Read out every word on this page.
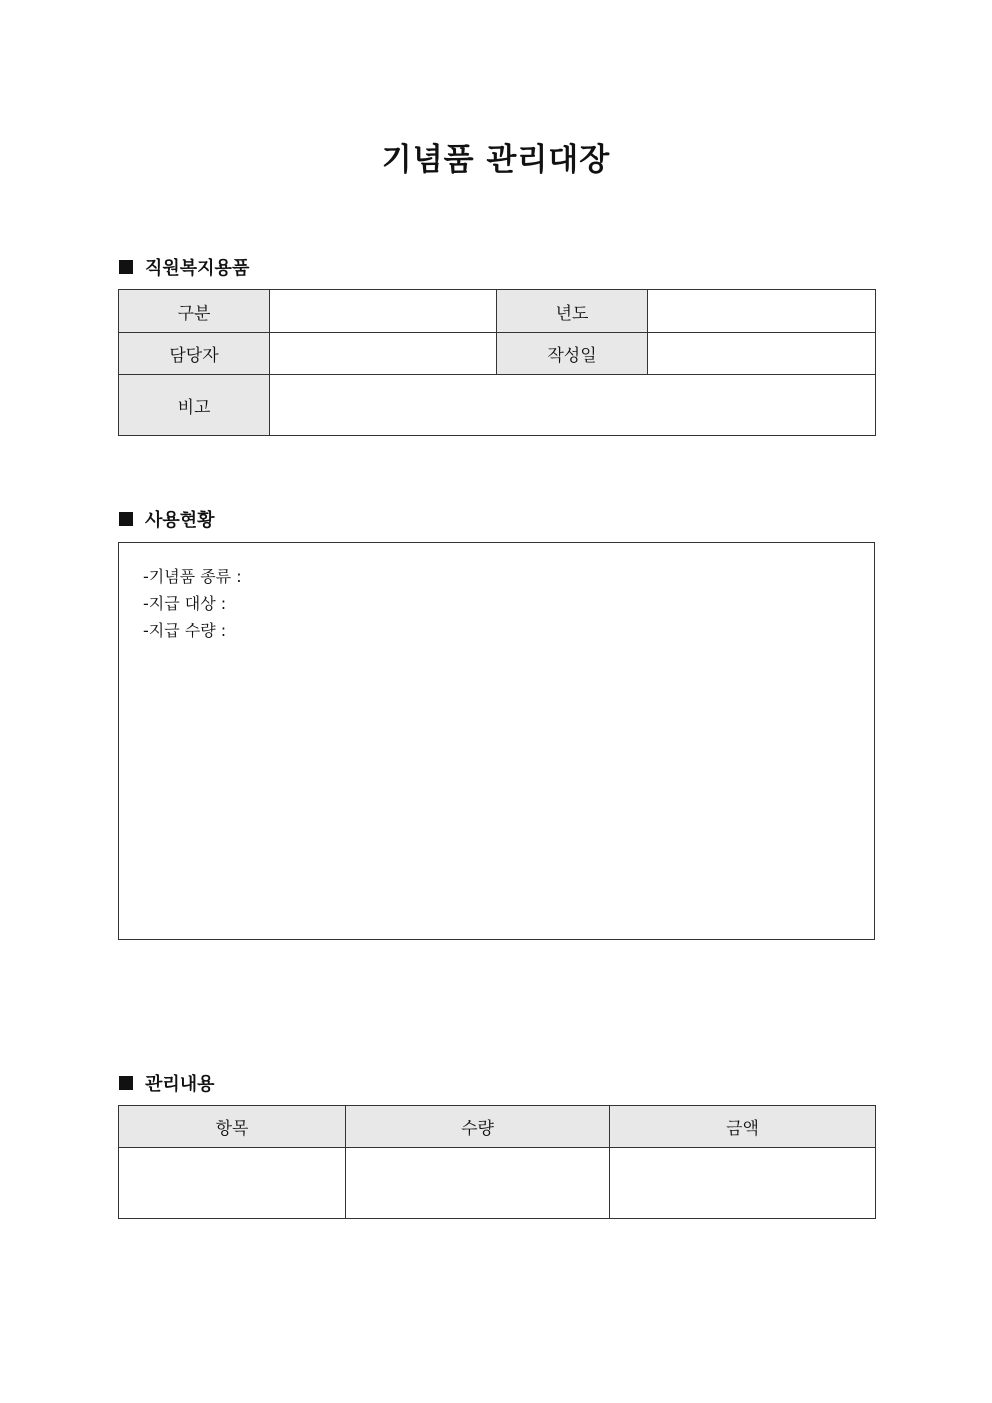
기념품 관리대장
직원복지용품
구분		년도	
담당자		작성일	
비고			
사용현황
-기념품 종류 :
-지급 대상 :
-지급 수량 :
관리내용
항목	수량	금액
